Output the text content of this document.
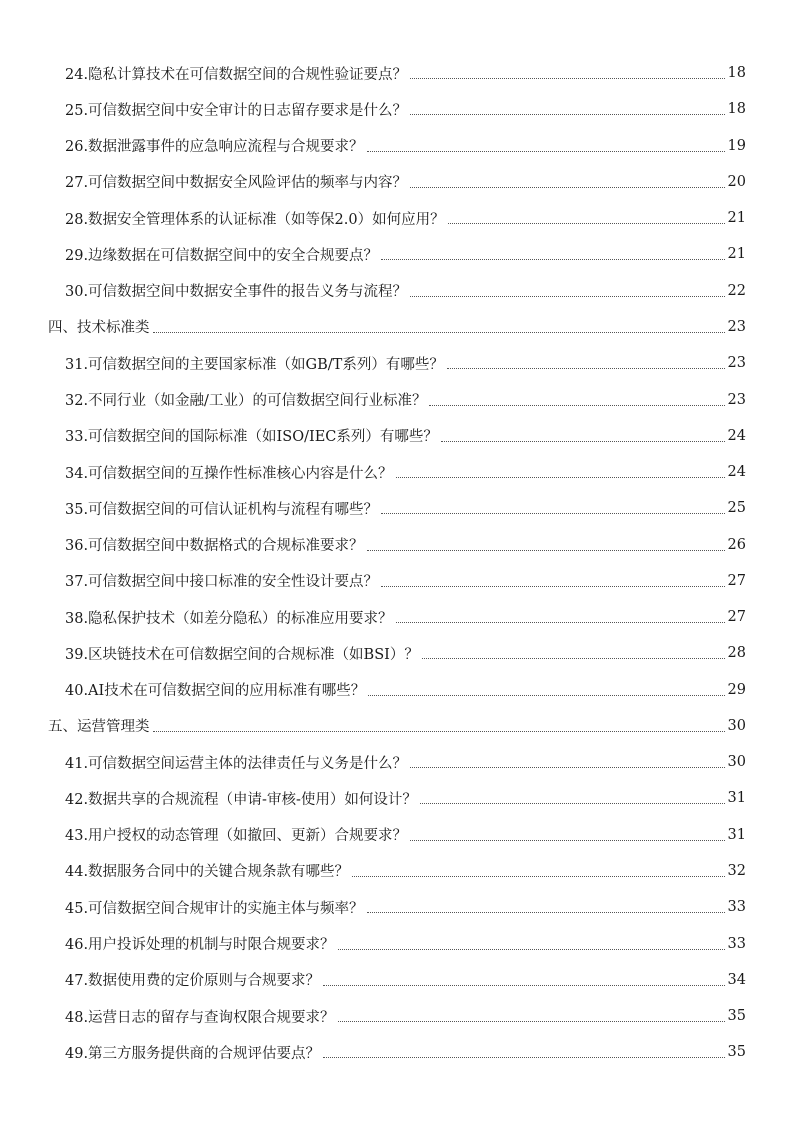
24.隐私计算技术在可信数据空间的合规性验证要点？	18
25.可信数据空间中安全审计的日志留存要求是什么？	18
26.数据泄露事件的应急响应流程与合规要求？	19
27.可信数据空间中数据安全风险评估的频率与内容？	20
28.数据安全管理体系的认证标准（如等保2.0）如何应用？	21
29.边缘数据在可信数据空间中的安全合规要点？	21
30.可信数据空间中数据安全事件的报告义务与流程？	22
四、技术标准类	23
31.可信数据空间的主要国家标准（如GB/T系列）有哪些？	23
32.不同行业（如金融/工业）的可信数据空间行业标准？	23
33.可信数据空间的国际标准（如ISO/IEC系列）有哪些？	24
34.可信数据空间的互操作性标准核心内容是什么？	24
35.可信数据空间的可信认证机构与流程有哪些？	25
36.可信数据空间中数据格式的合规标准要求？	26
37.可信数据空间中接口标准的安全性设计要点？	27
38.隐私保护技术（如差分隐私）的标准应用要求？	27
39.区块链技术在可信数据空间的合规标准（如BSI）？	28
40.AI技术在可信数据空间的应用标准有哪些？	29
五、运营管理类	30
41.可信数据空间运营主体的法律责任与义务是什么？	30
42.数据共享的合规流程（申请-审核-使用）如何设计？	31
43.用户授权的动态管理（如撤回、更新）合规要求？	31
44.数据服务合同中的关键合规条款有哪些？	32
45.可信数据空间合规审计的实施主体与频率？	33
46.用户投诉处理的机制与时限合规要求？	33
47.数据使用费的定价原则与合规要求？	34
48.运营日志的留存与查询权限合规要求？	35
49.第三方服务提供商的合规评估要点？	35
